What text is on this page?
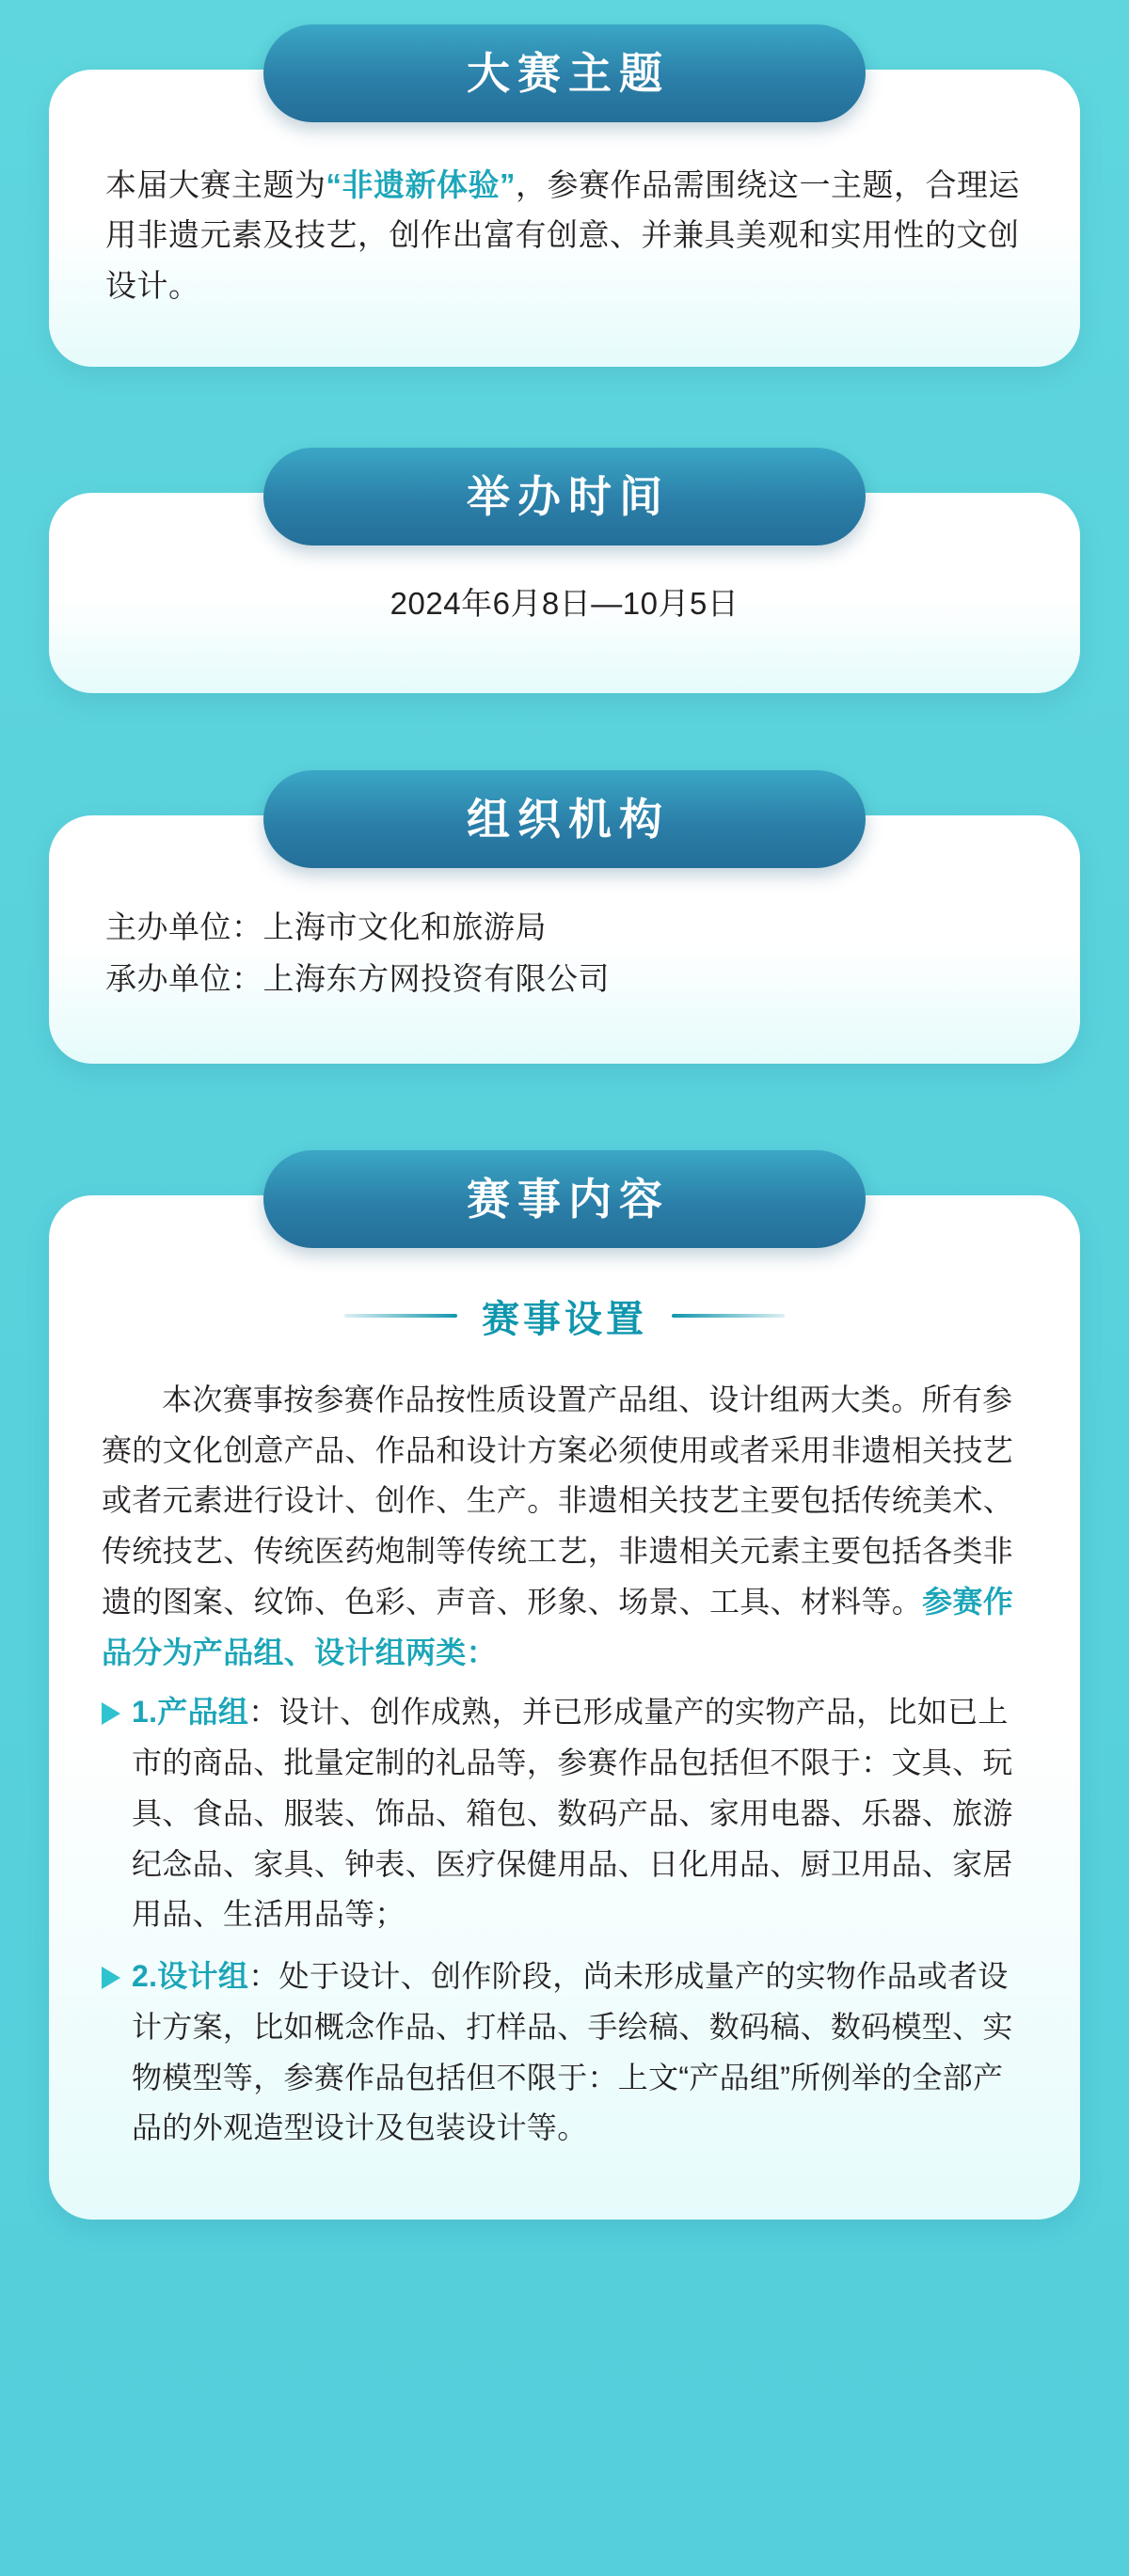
大赛主题
本届大赛主题为“非遗新体验”，参赛作品需围绕这一主题，合理运用非遗元素及技艺，创作出富有创意、并兼具美观和实用性的文创设计。
举办时间
2024年6月8日—10月5日
组织机构
主办单位：上海市文化和旅游局
承办单位：上海东方网投资有限公司
赛事内容
赛事设置
本次赛事按参赛作品按性质设置产品组、设计组两大类。所有参赛的文化创意产品、作品和设计方案必须使用或者采用非遗相关技艺或者元素进行设计、创作、生产。非遗相关技艺主要包括传统美术、传统技艺、传统医药炮制等传统工艺，非遗相关元素主要包括各类非遗的图案、纹饰、色彩、声音、形象、场景、工具、材料等。参赛作品分为产品组、设计组两类：
1.产品组：设计、创作成熟，并已形成量产的实物产品，比如已上市的商品、批量定制的礼品等，参赛作品包括但不限于：文具、玩具、食品、服装、饰品、箱包、数码产品、家用电器、乐器、旅游纪念品、家具、钟表、医疗保健用品、日化用品、厨卫用品、家居用品、生活用品等；
2.设计组：处于设计、创作阶段，尚未形成量产的实物作品或者设计方案，比如概念作品、打样品、手绘稿、数码稿、数码模型、实物模型等，参赛作品包括但不限于：上文“产品组”所例举的全部产品的外观造型设计及包装设计等。
